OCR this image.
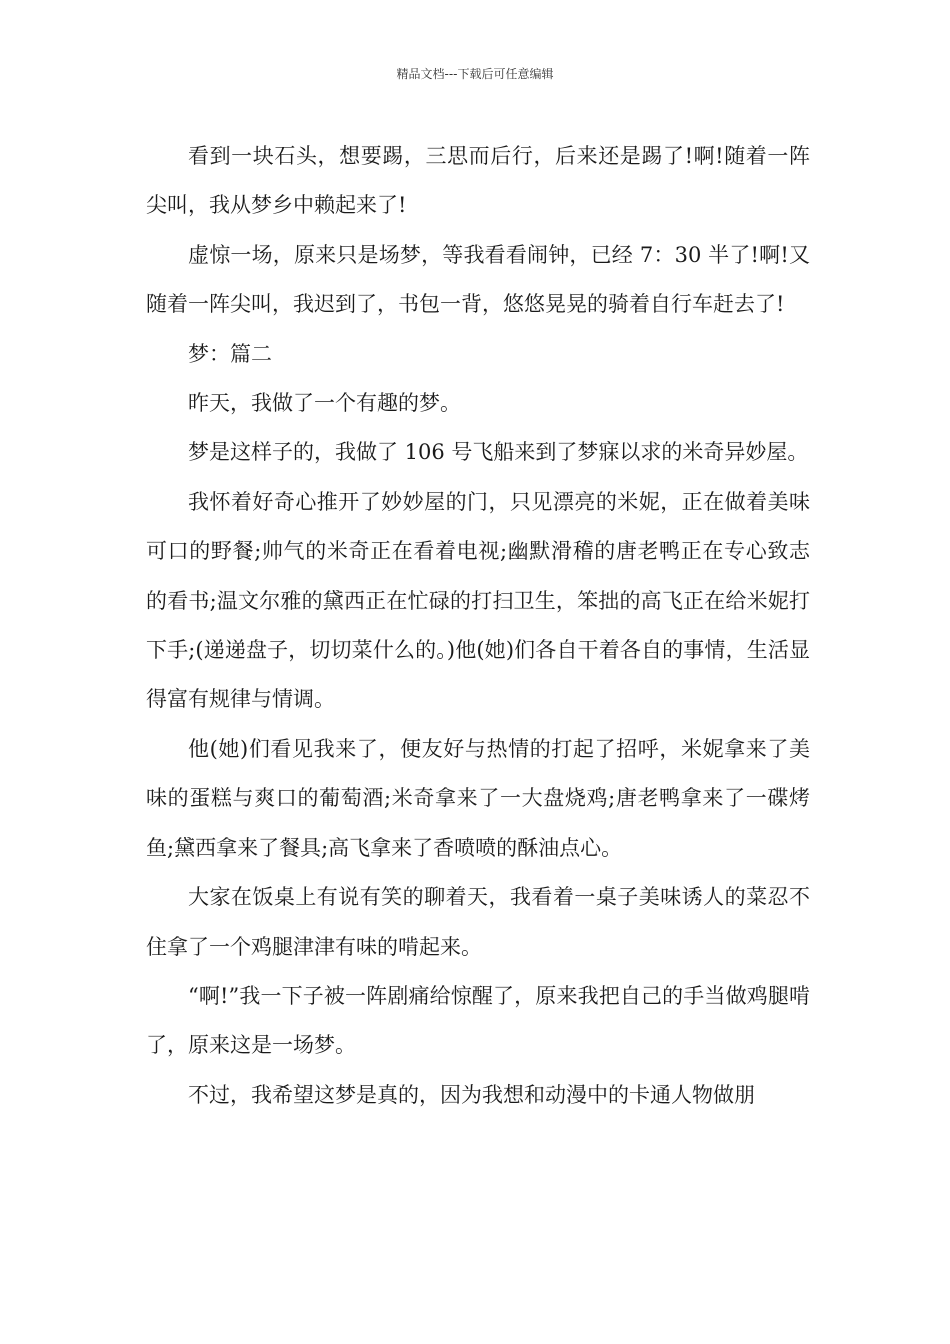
精品文档---下载后可任意编辑

看到一块石头，想要踢，三思而后行，后来还是踢了!啊!随着一阵尖叫，我从梦乡中赖起来了!

虚惊一场，原来只是场梦，等我看看闹钟，已经 7：30 半了!啊!又随着一阵尖叫，我迟到了，书包一背，悠悠晃晃的骑着自行车赶去了!

梦：篇二

昨天，我做了一个有趣的梦。

梦是这样子的，我做了 106 号飞船来到了梦寐以求的米奇异妙屋。

我怀着好奇心推开了妙妙屋的门，只见漂亮的米妮，正在做着美味可口的野餐;帅气的米奇正在看着电视;幽默滑稽的唐老鸭正在专心致志的看书;温文尔雅的黛西正在忙碌的打扫卫生，笨拙的高飞正在给米妮打下手;(递递盘子，切切菜什么的。)他(她)们各自干着各自的事情，生活显得富有规律与情调。

他(她)们看见我来了，便友好与热情的打起了招呼，米妮拿来了美味的蛋糕与爽口的葡萄酒;米奇拿来了一大盘烧鸡;唐老鸭拿来了一碟烤鱼;黛西拿来了餐具;高飞拿来了香喷喷的酥油点心。

大家在饭桌上有说有笑的聊着天，我看着一桌子美味诱人的菜忍不住拿了一个鸡腿津津有味的啃起来。

“啊!”我一下子被一阵剧痛给惊醒了，原来我把自己的手当做鸡腿啃了，原来这是一场梦。

不过，我希望这梦是真的，因为我想和动漫中的卡通人物做朋
